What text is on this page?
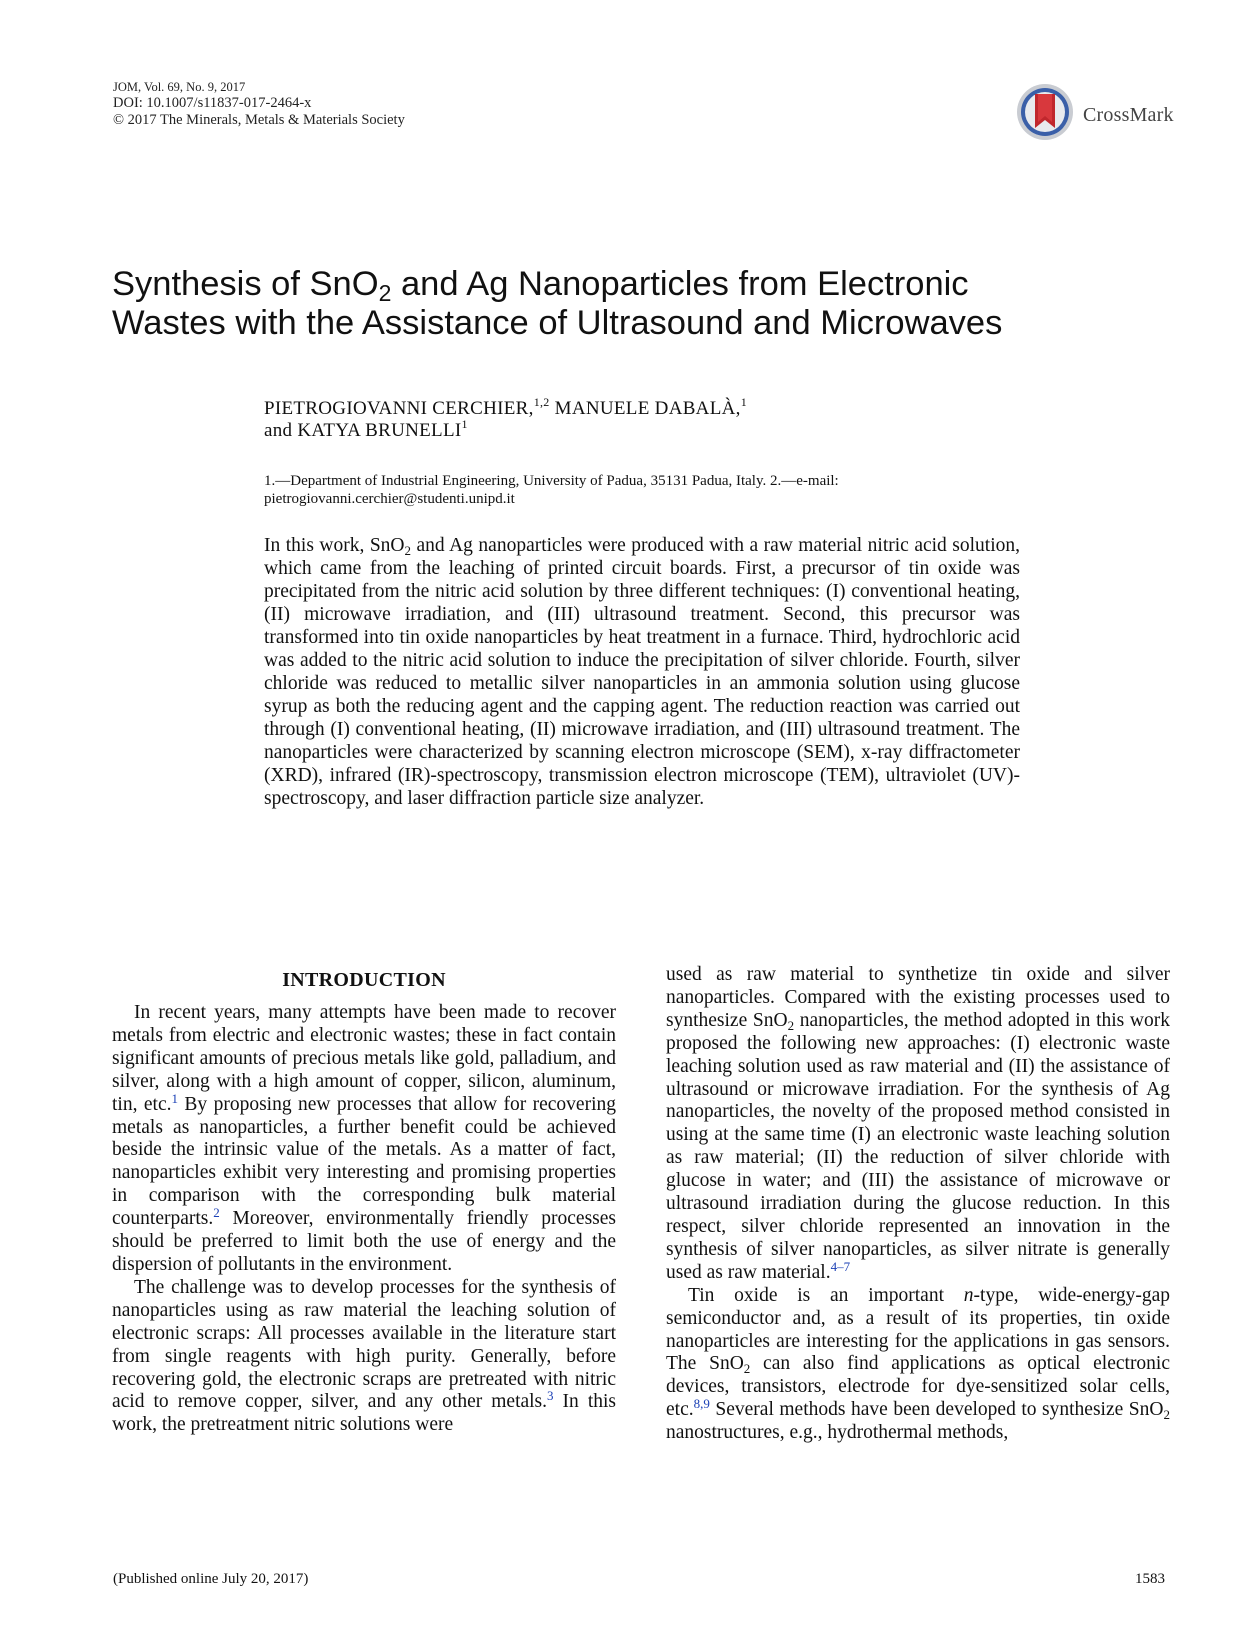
JOM, Vol. 69, No. 9, 2017
DOI: 10.1007/s11837-017-2464-x
© 2017 The Minerals, Metals & Materials Society	CrossMark
Synthesis of SnO$_2$ and Ag Nanoparticles from Electronic
Wastes with the Assistance of Ultrasound and Microwaves
PIETROGIOVANNI CERCHIER,$^{1,2}$ MANUELE DABALÀ,$^1$
and KATYA BRUNELLI$^1$
1.—Department of Industrial Engineering, University of Padua, 35131 Padua, Italy. 2.—e-mail:
pietrogiovanni.cerchier@studenti.unipd.it
In this work, SnO$_2$ and Ag nanoparticles were produced with a raw material nitric acid solution, which came from the leaching of printed circuit boards. First, a precursor of tin oxide was precipitated from the nitric acid solution by three different techniques: (I) conventional heating, (II) microwave irradiation, and (III) ultrasound treatment. Second, this precursor was transformed into tin oxide nanoparticles by heat treatment in a furnace. Third, hydrochloric acid was added to the nitric acid solution to induce the precipitation of silver chloride. Fourth, silver chloride was reduced to metallic silver nanoparticles in an ammonia solution using glucose syrup as both the reducing agent and the capping agent. The reduction reaction was carried out through (I) conventional heating, (II) microwave irradiation, and (III) ultrasound treatment. The nanoparticles were characterized by scanning electron microscope (SEM), x-ray diffractometer (XRD), infrared (IR)-spectroscopy, transmission electron microscope (TEM), ultraviolet (UV)-spectroscopy, and laser diffraction particle size analyzer.
INTRODUCTION

In recent years, many attempts have been made to recover metals from electric and electronic wastes; these in fact contain significant amounts of precious metals like gold, palladium, and silver, along with a high amount of copper, silicon, aluminum, tin, etc.$^1$ By proposing new processes that allow for recovering metals as nanoparticles, a further benefit could be achieved beside the intrinsic value of the metals. As a matter of fact, nanoparticles exhibit very interesting and promising properties in comparison with the corresponding bulk material counterparts.$^2$ Moreover, environmentally friendly processes should be preferred to limit both the use of energy and the dispersion of pollutants in the environment.

The challenge was to develop processes for the synthesis of nanoparticles using as raw material the leaching solution of electronic scraps: All processes available in the literature start from single reagents with high purity. Generally, before recovering gold, the electronic scraps are pretreated with nitric acid to remove copper, silver, and any other metals.$^3$ In this work, the pretreatment nitric solutions were

used as raw material to synthetize tin oxide and silver nanoparticles. Compared with the existing processes used to synthesize SnO$_2$ nanoparticles, the method adopted in this work proposed the following new approaches: (I) electronic waste leaching solution used as raw material and (II) the assistance of ultrasound or microwave irradiation. For the synthesis of Ag nanoparticles, the novelty of the proposed method consisted in using at the same time (I) an electronic waste leaching solution as raw material; (II) the reduction of silver chloride with glucose in water; and (III) the assistance of microwave or ultrasound irradiation during the glucose reduction. In this respect, silver chloride represented an innovation in the synthesis of silver nanoparticles, as silver nitrate is generally used as raw material.$^{4-7}$

Tin oxide is an important n-type, wide-energy-gap semiconductor and, as a result of its properties, tin oxide nanoparticles are interesting for the applications in gas sensors. The SnO$_2$ can also find applications as optical electronic devices, transistors, electrode for dye-sensitized solar cells, etc.$^{8,9}$ Several methods have been developed to synthesize SnO$_2$ nanostructures, e.g., hydrothermal methods,

(Published online July 20, 2017)	1583
